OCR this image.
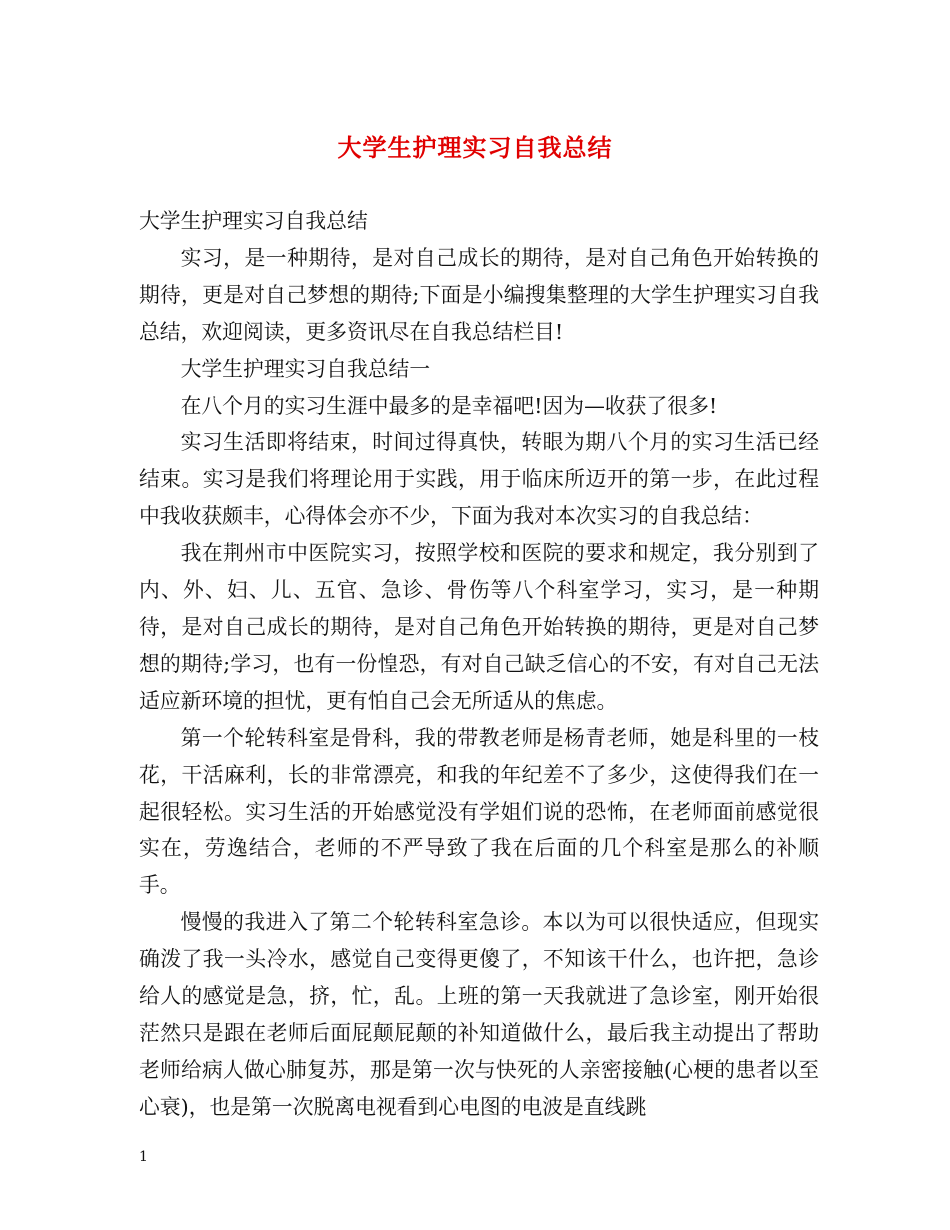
大学生护理实习自我总结

大学生护理实习自我总结

实习，是一种期待，是对自己成长的期待，是对自己角色开始转换的期待，更是对自己梦想的期待;下面是小编搜集整理的大学生护理实习自我总结，欢迎阅读，更多资讯尽在自我总结栏目!

大学生护理实习自我总结一

在八个月的实习生涯中最多的是幸福吧!因为—收获了很多!

实习生活即将结束，时间过得真快，转眼为期八个月的实习生活已经结束。实习是我们将理论用于实践，用于临床所迈开的第一步，在此过程中我收获颇丰，心得体会亦不少，下面为我对本次实习的自我总结：

我在荆州市中医院实习，按照学校和医院的要求和规定，我分别到了内、外、妇、儿、五官、急诊、骨伤等八个科室学习，实习，是一种期待，是对自己成长的期待，是对自己角色开始转换的期待，更是对自己梦想的期待;学习，也有一份惶恐，有对自己缺乏信心的不安，有对自己无法适应新环境的担忧，更有怕自己会无所适从的焦虑。

第一个轮转科室是骨科，我的带教老师是杨青老师，她是科里的一枝花，干活麻利，长的非常漂亮，和我的年纪差不了多少，这使得我们在一起很轻松。实习生活的开始感觉没有学姐们说的恐怖，在老师面前感觉很实在，劳逸结合，老师的不严导致了我在后面的几个科室是那么的补顺手。

慢慢的我进入了第二个轮转科室急诊。本以为可以很快适应，但现实确泼了我一头冷水，感觉自己变得更傻了，不知该干什么，也许把，急诊给人的感觉是急，挤，忙，乱。上班的第一天我就进了急诊室，刚开始很茫然只是跟在老师后面屁颠屁颠的补知道做什么，最后我主动提出了帮助老师给病人做心肺复苏，那是第一次与快死的人亲密接触(心梗的患者以至心衰)，也是第一次脱离电视看到心电图的电波是直线跳

1
